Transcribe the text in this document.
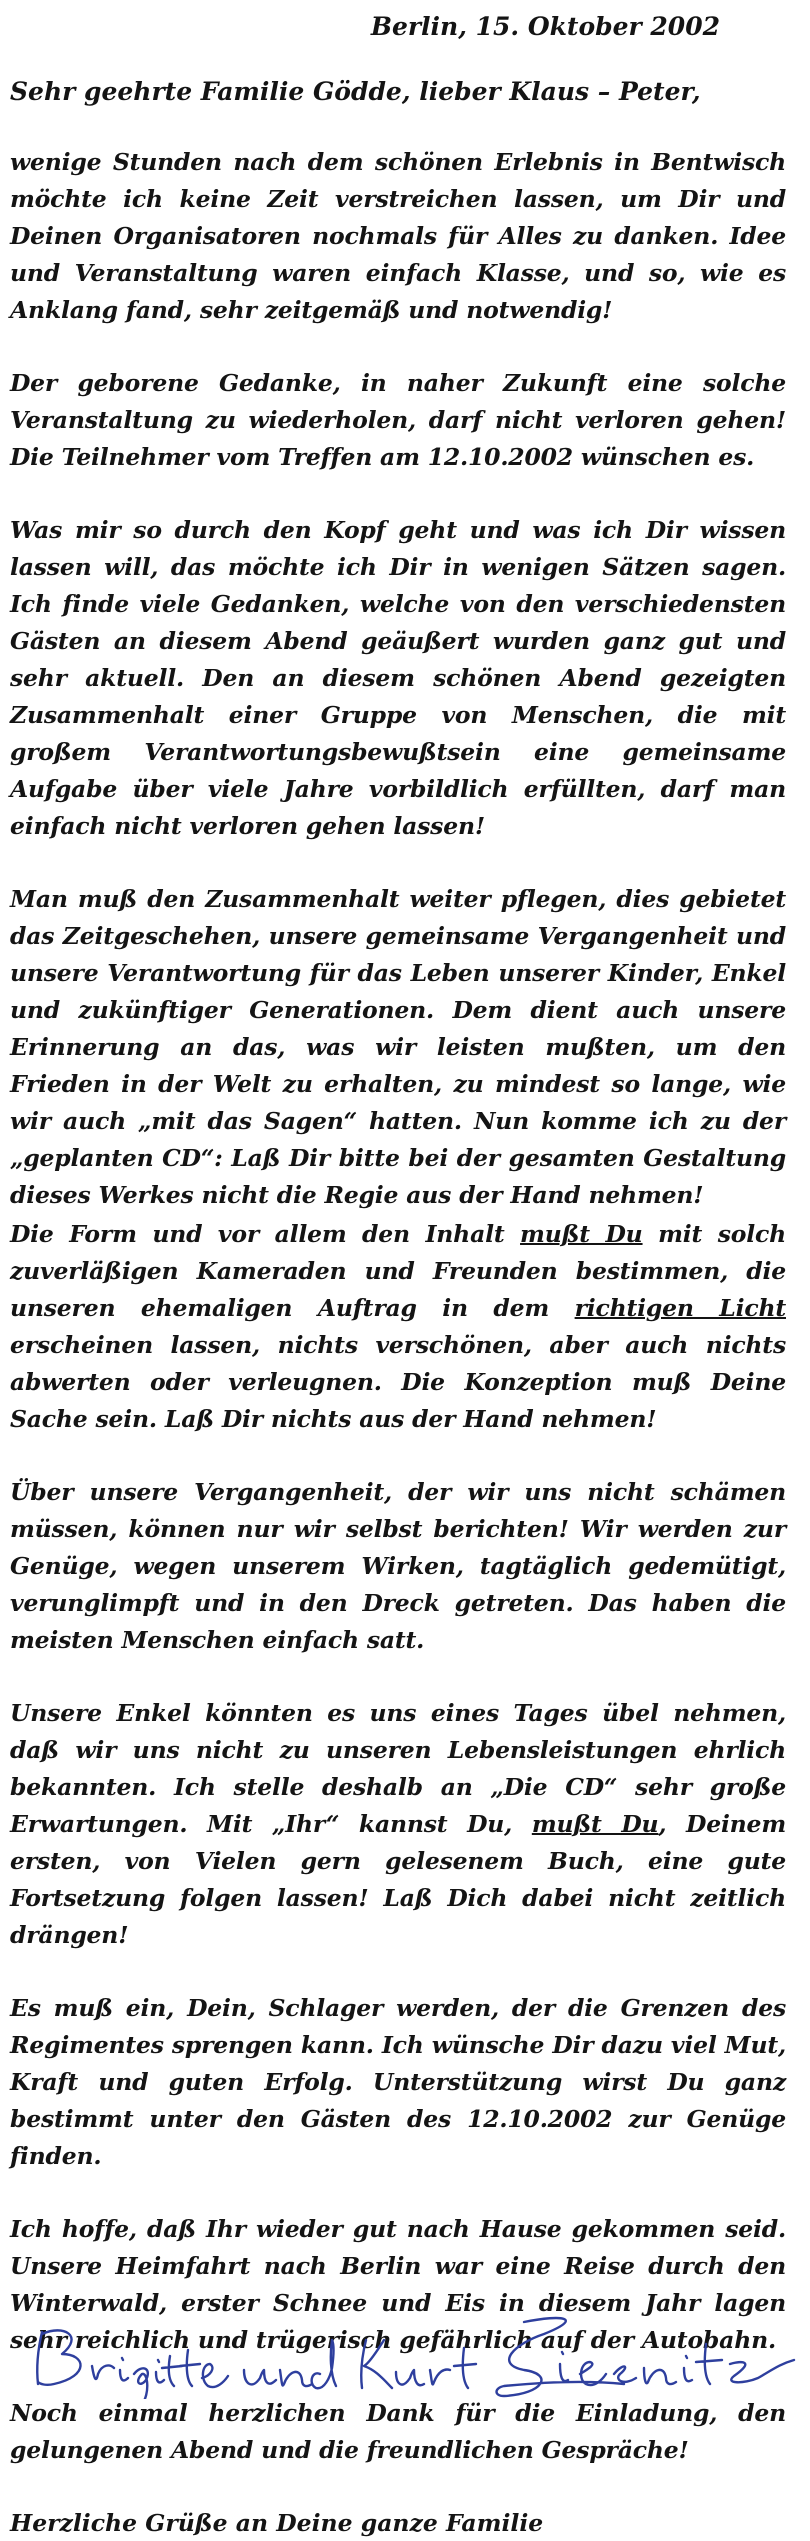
Berlin, 15. Oktober 2002
Sehr geehrte Familie Gödde, lieber Klaus – Peter,

wenige Stunden nach dem schönen Erlebnis in Bentwisch möchte ich keine Zeit verstreichen lassen, um Dir und Deinen Organisatoren nochmals für Alles zu danken. Idee und Veranstaltung waren einfach Klasse, und so, wie es Anklang fand, sehr zeitgemäß und notwendig!

Der geborene Gedanke, in naher Zukunft eine solche Veranstaltung zu wiederholen, darf nicht verloren gehen! Die Teilnehmer vom Treffen am 12.10.2002 wünschen es.

Was mir so durch den Kopf geht und was ich Dir wissen lassen will, das möchte ich Dir in wenigen Sätzen sagen. Ich finde viele Gedanken, welche von den verschiedensten Gästen an diesem Abend geäußert wurden ganz gut und sehr aktuell. Den an diesem schönen Abend gezeigten Zusammenhalt einer Gruppe von Menschen, die mit großem Verantwortungsbewußtsein eine gemeinsame Aufgabe über viele Jahre vorbildlich erfüllten, darf man einfach nicht verloren gehen lassen!

Man muß den Zusammenhalt weiter pflegen, dies gebietet das Zeitgeschehen, unsere gemeinsame Vergangenheit und unsere Verantwortung für das Leben unserer Kinder, Enkel und zukünftiger Generationen. Dem dient auch unsere Erinnerung an das, was wir leisten mußten, um den Frieden in der Welt zu erhalten, zu mindest so lange, wie wir auch „mit das Sagen“ hatten. Nun komme ich zu der „geplanten CD“: Laß Dir bitte bei der gesamten Gestaltung dieses Werkes nicht die Regie aus der Hand nehmen!

Die Form und vor allem den Inhalt mußt Du mit solch zuverläßigen Kameraden und Freunden bestimmen, die unseren ehemaligen Auftrag in dem richtigen Licht erscheinen lassen, nichts verschönen, aber auch nichts abwerten oder verleugnen. Die Konzeption muß Deine Sache sein. Laß Dir nichts aus der Hand nehmen!

Über unsere Vergangenheit, der wir uns nicht schämen müssen, können nur wir selbst berichten! Wir werden zur Genüge, wegen unserem Wirken, tagtäglich gedemütigt, verunglimpft und in den Dreck getreten. Das haben die meisten Menschen einfach satt.

Unsere Enkel könnten es uns eines Tages übel nehmen, daß wir uns nicht zu unseren Lebensleistungen ehrlich bekannten. Ich stelle deshalb an „Die CD“ sehr große Erwartungen. Mit „Ihr“ kannst Du, mußt Du, Deinem ersten, von Vielen gern gelesenem Buch, eine gute Fortsetzung folgen lassen! Laß Dich dabei nicht zeitlich drängen!

Es muß ein, Dein, Schlager werden, der die Grenzen des Regimentes sprengen kann. Ich wünsche Dir dazu viel Mut, Kraft und guten Erfolg. Unterstützung wirst Du ganz bestimmt unter den Gästen des 12.10.2002 zur Genüge finden.

Ich hoffe, daß Ihr wieder gut nach Hause gekommen seid. Unsere Heimfahrt nach Berlin war eine Reise durch den Winterwald, erster Schnee und Eis in diesem Jahr lagen sehr reichlich und trügerisch gefährlich auf der Autobahn.

Noch einmal herzlichen Dank für die Einladung, den gelungenen Abend und die freundlichen Gespräche!

Herzliche Grüße an Deine ganze Familie
